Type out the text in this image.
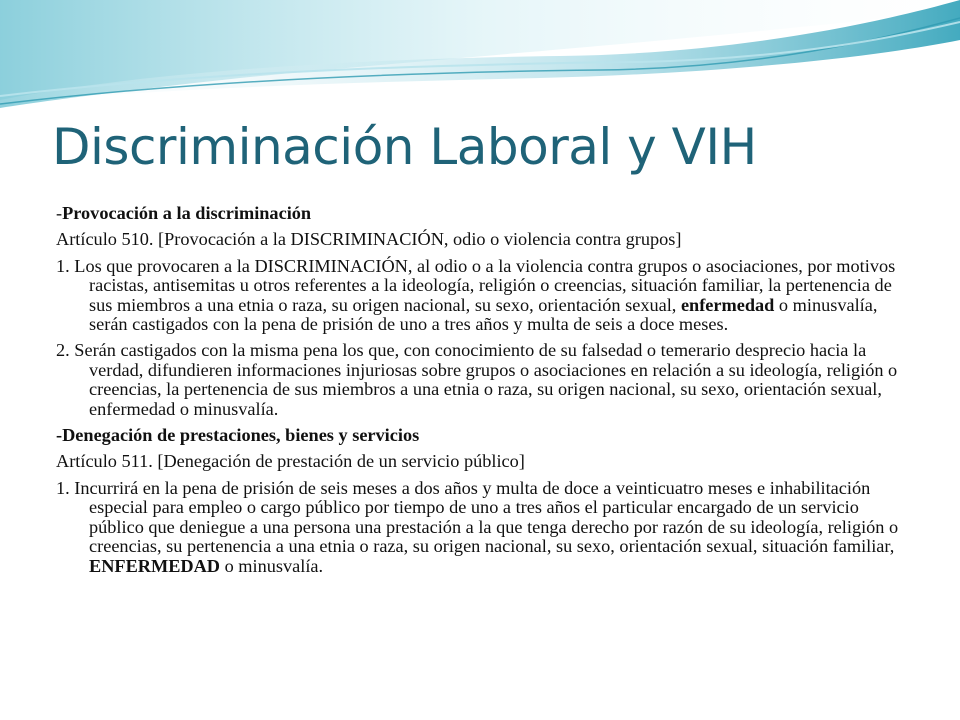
Discriminación Laboral y VIH

-Provocación a la discriminación

Artículo 510. [Provocación a la DISCRIMINACIÓN, odio o violencia contra grupos]

1. Los que provocaren a la DISCRIMINACIÓN, al odio o a la violencia contra grupos o asociaciones, por motivos racistas, antisemitas u otros referentes a la ideología, religión o creencias, situación familiar, la pertenencia de sus miembros a una etnia o raza, su origen nacional, su sexo, orientación sexual, enfermedad o minusvalía, serán castigados con la pena de prisión de uno a tres años y multa de seis a doce meses.

2. Serán castigados con la misma pena los que, con conocimiento de su falsedad o temerario desprecio hacia la verdad, difundieren informaciones injuriosas sobre grupos o asociaciones en relación a su ideología, religión o creencias, la pertenencia de sus miembros a una etnia o raza, su origen nacional, su sexo, orientación sexual, enfermedad o minusvalía.

-Denegación de prestaciones, bienes y servicios

Artículo 511. [Denegación de prestación de un servicio público]

1. Incurrirá en la pena de prisión de seis meses a dos años y multa de doce a veinticuatro meses e inhabilitación especial para empleo o cargo público por tiempo de uno a tres años el particular encargado de un servicio público que deniegue a una persona una prestación a la que tenga derecho por razón de su ideología, religión o creencias, su pertenencia a una etnia o raza, su origen nacional, su sexo, orientación sexual, situación familiar, ENFERMEDAD o minusvalía.
